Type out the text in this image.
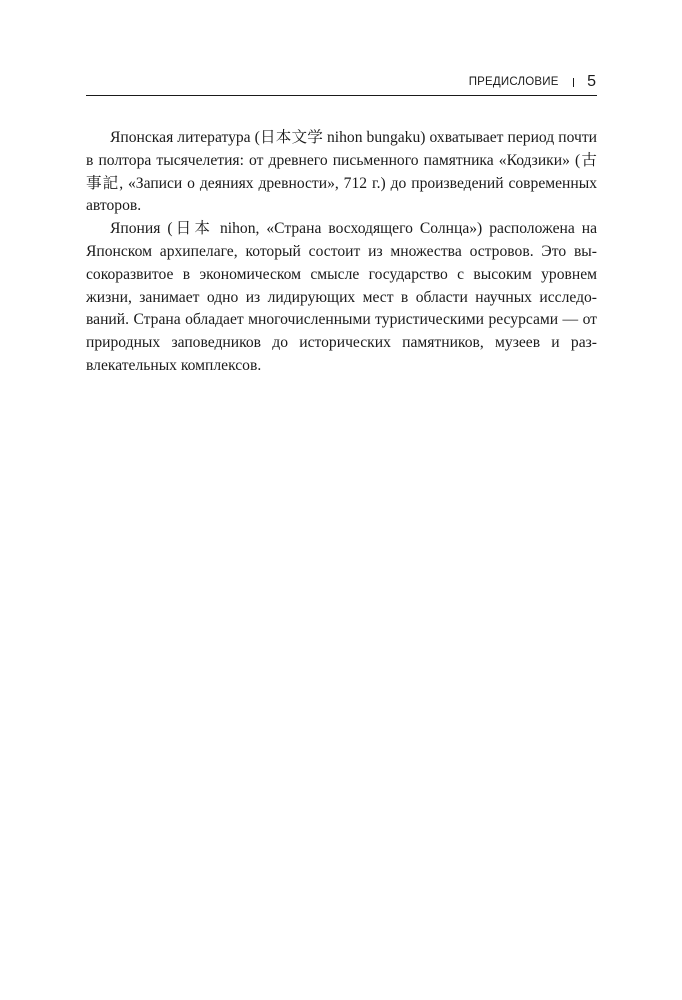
ПРЕДИСЛОВИЕ 5

Японская литература (日本文学 nihon bungaku) охватывает период почти в полтора тысячелетия: от древнего письменного памятника «Кодзики» (古事記, «Записи о деяниях древности», 712 г.) до произведений современных авторов.

Япония (日本 nihon, «Страна восходящего Солнца») расположена на Японском архипелаге, который состоит из множества островов. Это высокоразвитое в экономическом смысле государство с высоким уровнем жизни, занимает одно из лидирующих мест в области научных исследований. Страна обладает многочисленными туристическими ресурсами — от природных заповедников до исторических памятников, музеев и развлекательных комплексов.
